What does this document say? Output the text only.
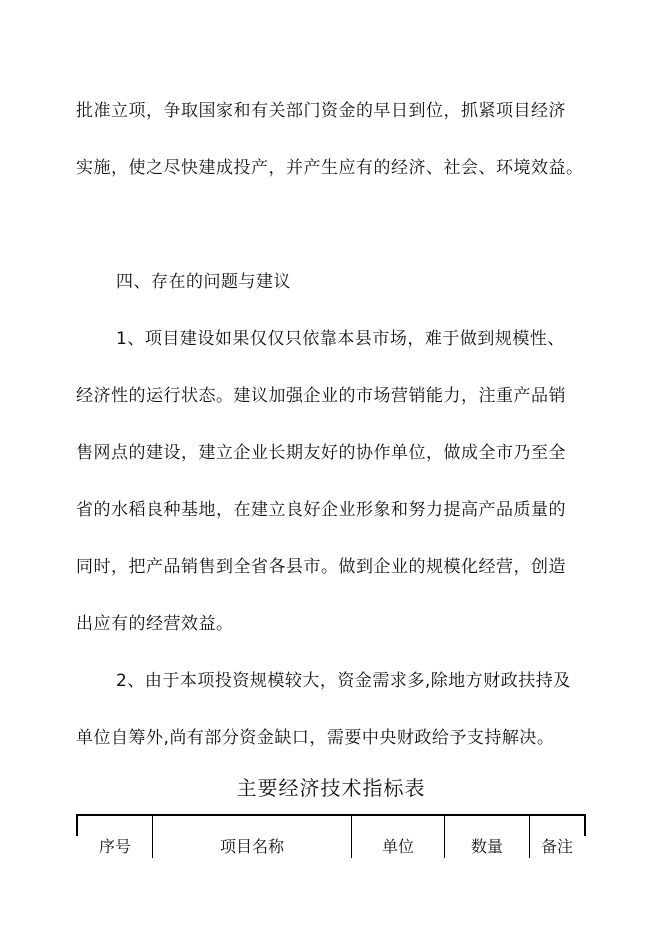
批准立项，争取国家和有关部门资金的早日到位，抓紧项目经济
实施，使之尽快建成投产，并产生应有的经济、社会、环境效益。
四、存在的问题与建议
1、项目建设如果仅仅只依靠本县市场，难于做到规模性、
经济性的运行状态。建议加强企业的市场营销能力，注重产品销
售网点的建设，建立企业长期友好的协作单位，做成全市乃至全
省的水稻良种基地，在建立良好企业形象和努力提高产品质量的
同时，把产品销售到全省各县市。做到企业的规模化经营，创造
出应有的经营效益。
2、由于本项投资规模较大，资金需求多,除地方财政扶持及
单位自筹外,尚有部分资金缺口，需要中央财政给予支持解决。
主要经济技术指标表
序号	项目名称	单位	数量	备注
